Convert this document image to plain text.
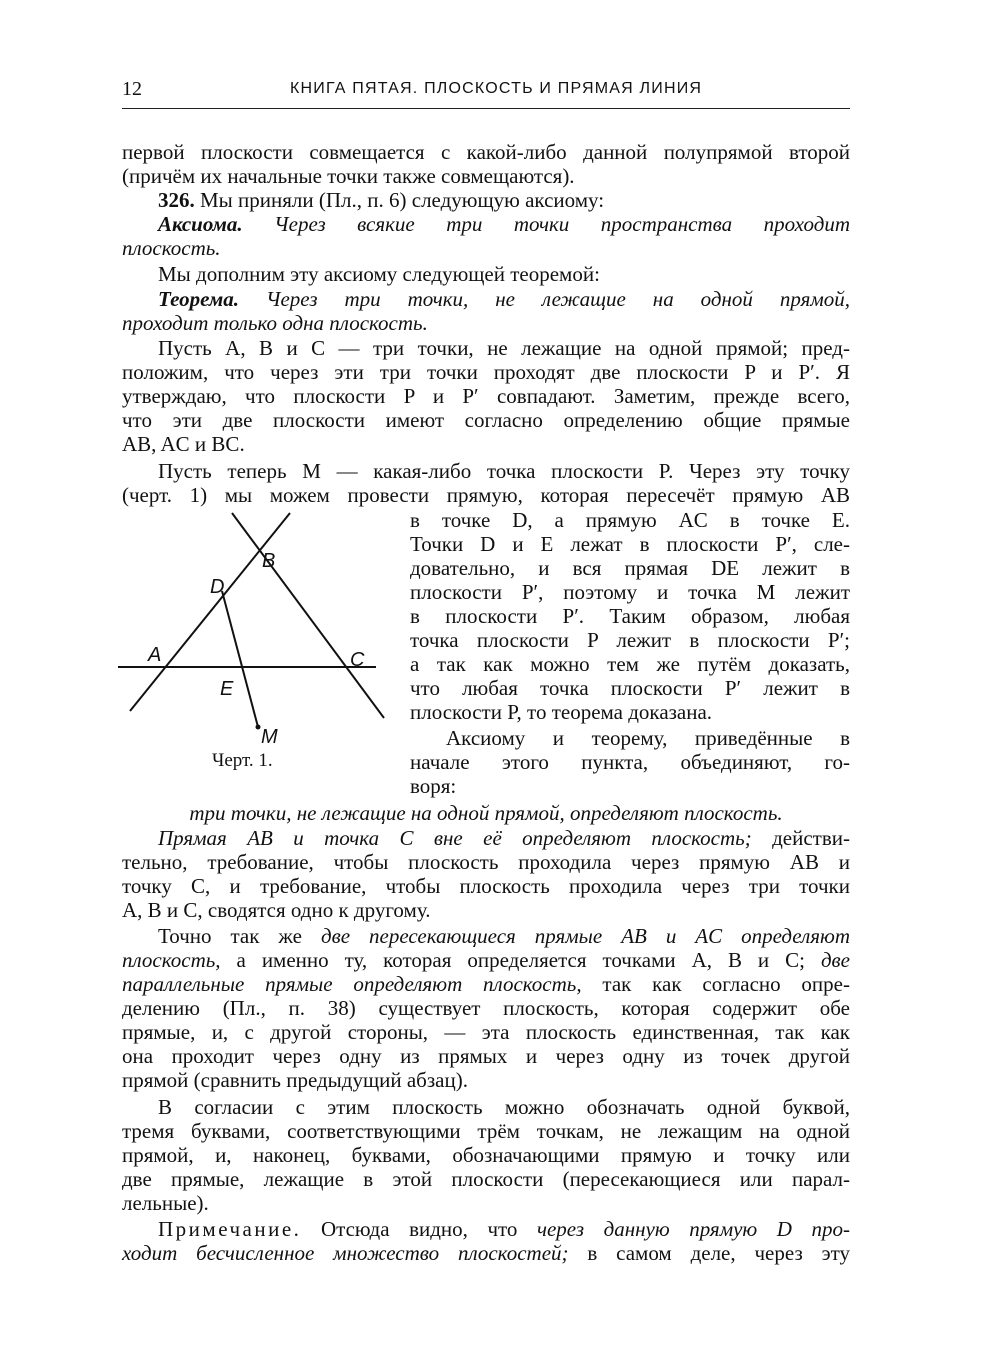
12	КНИГА ПЯТАЯ. ПЛОСКОСТЬ И ПРЯМАЯ ЛИНИЯ
первой плоскости совмещается с какой-либо данной полупрямой второй
(причём их начальные точки также совмещаются).
326. Мы приняли (Пл., п. 6) следующую аксиому:
Аксиома. Через всякие три точки пространства проходит
плоскость.
Мы дополним эту аксиому следующей теоремой:
Теорема. Через три точки, не лежащие на одной прямой,
проходит только одна плоскость.
Пусть A, B и C — три точки, не лежащие на одной прямой; пред-
положим, что через эти три точки проходят две плоскости P и P′. Я
утверждаю, что плоскости P и P′ совпадают. Заметим, прежде всего,
что эти две плоскости имеют согласно определению общие прямые
AB, AC и BC.
Пусть теперь M — какая-либо точка плоскости P. Через эту точку
(черт. 1) мы можем провести прямую, которая пересечёт прямую AB
в точке D, а прямую AC в точке E.
Точки D и E лежат в плоскости P′, сле-
довательно, и вся прямая DE лежит в
плоскости P′, поэтому и точка M лежит
в плоскости P′. Таким образом, любая
точка плоскости P лежит в плоскости P′;
а так как можно тем же путём доказать,
что любая точка плоскости P′ лежит в
плоскости P, то теорема доказана.
Аксиому и теорему, приведённые в
начале этого пункта, объединяют, го-
воря:
A
B
C
D
E
M
Черт. 1.
три точки, не лежащие на одной прямой, определяют плоскость.
Прямая AB и точка C вне её определяют плоскость; действи-
тельно, требование, чтобы плоскость проходила через прямую AB и
точку C, и требование, чтобы плоскость проходила через три точки
A, B и C, сводятся одно к другому.
Точно так же две пересекающиеся прямые AB и AC определяют
плоскость, а именно ту, которая определяется точками A, B и C; две
параллельные прямые определяют плоскость, так как согласно опре-
делению (Пл., п. 38) существует плоскость, которая содержит обе
прямые, и, с другой стороны, — эта плоскость единственная, так как
она проходит через одну из прямых и через одну из точек другой
прямой (сравнить предыдущий абзац).
В согласии с этим плоскость можно обозначать одной буквой,
тремя буквами, соответствующими трём точкам, не лежащим на одной
прямой, и, наконец, буквами, обозначающими прямую и точку или
две прямые, лежащие в этой плоскости (пересекающиеся или парал-
лельные).
Примечание. Отсюда видно, что через данную прямую D про-
ходит бесчисленное множество плоскостей; в самом деле, через эту
